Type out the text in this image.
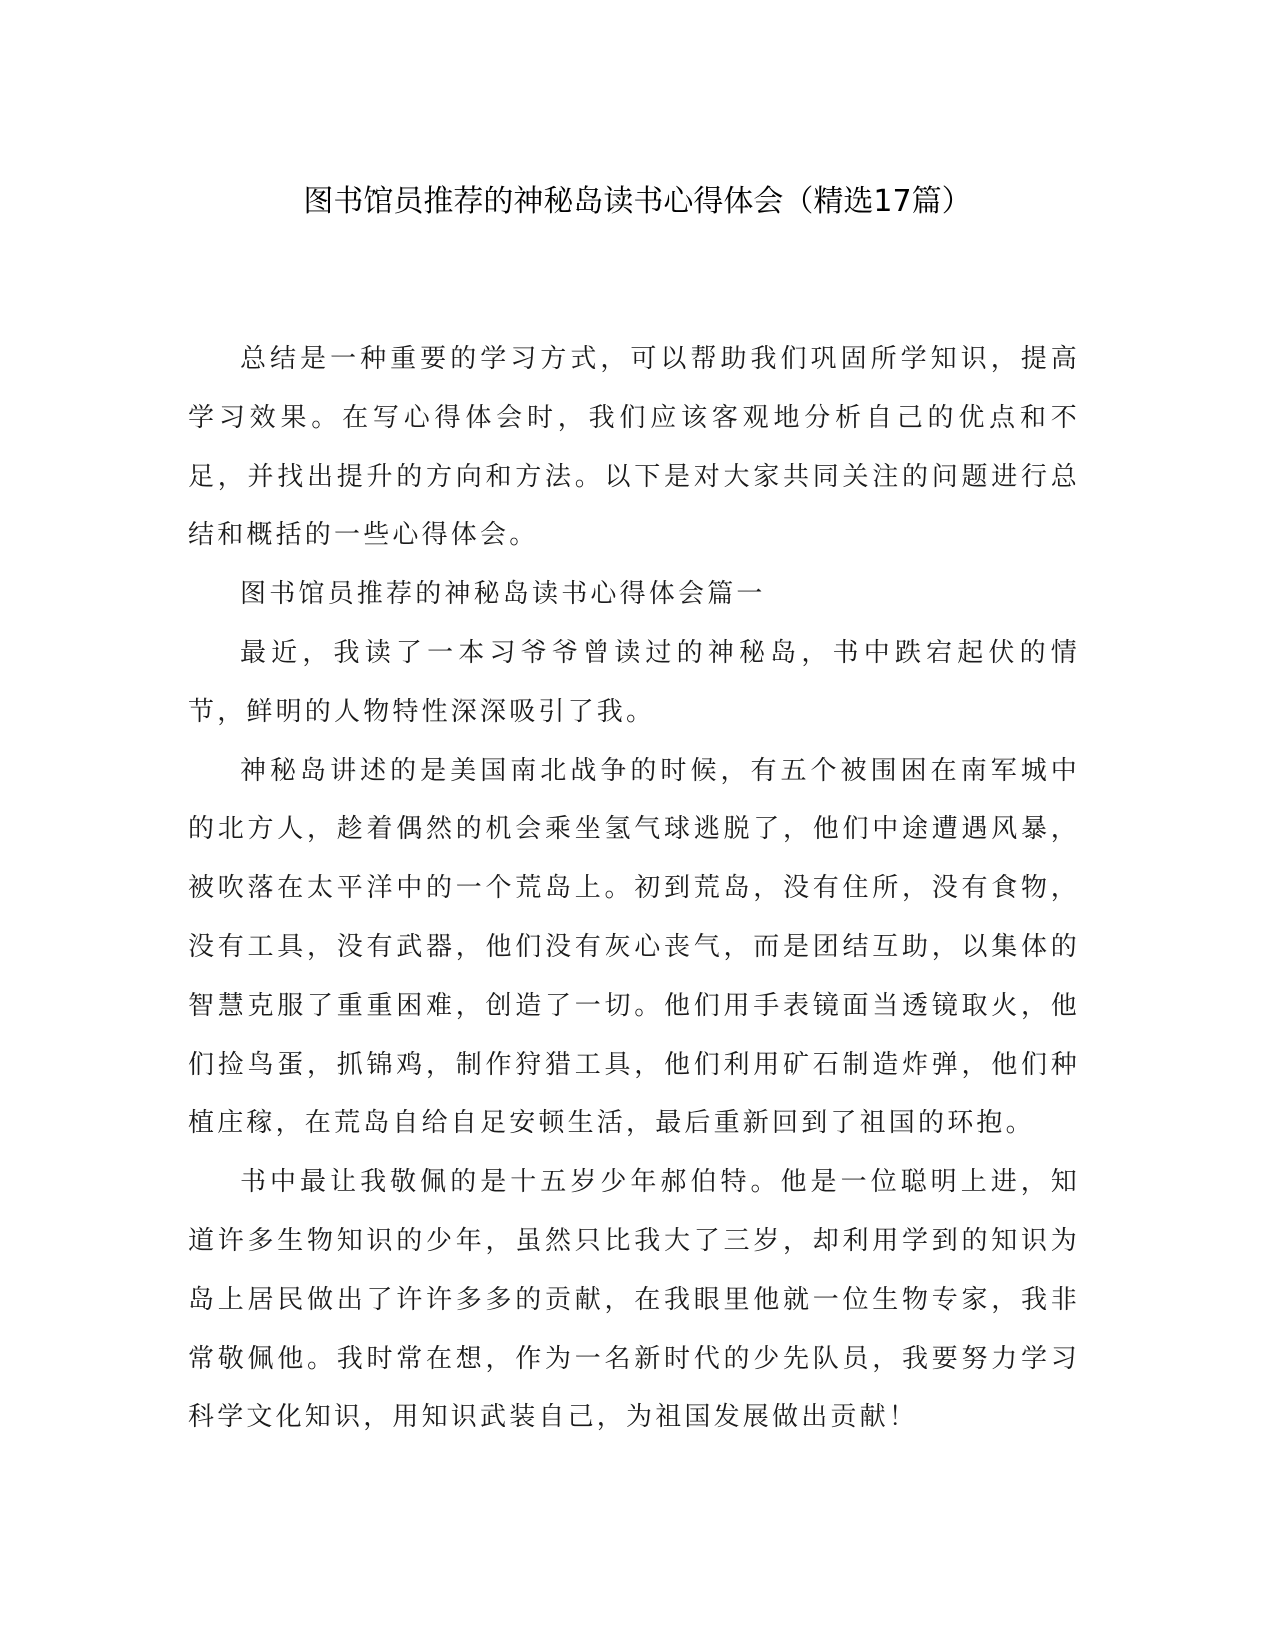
图书馆员推荐的神秘岛读书心得体会（精选17篇）

总结是一种重要的学习方式，可以帮助我们巩固所学知识，提高学习效果。在写心得体会时，我们应该客观地分析自己的优点和不足，并找出提升的方向和方法。以下是对大家共同关注的问题进行总结和概括的一些心得体会。

图书馆员推荐的神秘岛读书心得体会篇一

最近，我读了一本习爷爷曾读过的神秘岛，书中跌宕起伏的情节，鲜明的人物特性深深吸引了我。

神秘岛讲述的是美国南北战争的时候，有五个被围困在南军城中的北方人，趁着偶然的机会乘坐氢气球逃脱了，他们中途遭遇风暴，被吹落在太平洋中的一个荒岛上。初到荒岛，没有住所，没有食物，没有工具，没有武器，他们没有灰心丧气，而是团结互助，以集体的智慧克服了重重困难，创造了一切。他们用手表镜面当透镜取火，他们捡鸟蛋，抓锦鸡，制作狩猎工具，他们利用矿石制造炸弹，他们种植庄稼，在荒岛自给自足安顿生活，最后重新回到了祖国的环抱。

书中最让我敬佩的是十五岁少年郝伯特。他是一位聪明上进，知道许多生物知识的少年，虽然只比我大了三岁，却利用学到的知识为岛上居民做出了许许多多的贡献，在我眼里他就一位生物专家，我非常敬佩他。我时常在想，作为一名新时代的少先队员，我要努力学习科学文化知识，用知识武装自己，为祖国发展做出贡献！
